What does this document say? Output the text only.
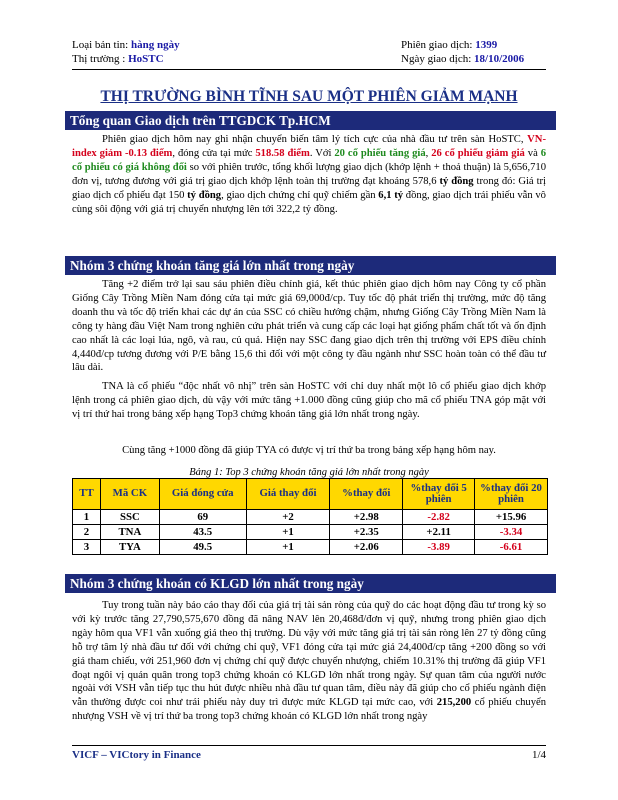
Loại bản tin: hàng ngày	Phiên giao dịch: 1399
Thị trường : HoSTC	Ngày giao dịch: 18/10/2006
THỊ TRƯỜNG BÌNH TĨNH SAU MỘT PHIÊN GIẢM MẠNH
Tổng quan Giao dịch trên TTGDCK Tp.HCM

Phiên giao dịch hôm nay ghi nhận chuyển biến tâm lý tích cực của nhà đầu tư trên sàn HoSTC, VN-index giảm -0.13 điểm, đóng cửa tại mức 518.58 điểm. Với 20 cổ phiếu tăng giá, 26 cổ phiếu giảm giá và 6 cổ phiếu có giá không đổi so với phiên trước, tổng khối lượng giao dịch (khớp lệnh + thoả thuận) là 5,656,710 đơn vị, tương đương với giá trị giao dịch khớp lệnh toàn thị trường đạt khoảng 578,6 tỷ đồng trong đó: Giá trị giao dịch cổ phiếu đạt 150 tỷ đồng, giao dịch chứng chỉ quỹ chiếm gần 6,1 tỷ đồng, giao dịch trái phiếu vẫn vô cùng sôi động với giá trị chuyển nhượng lên tới 322,2 tỷ đồng.

Nhóm 3 chứng khoán tăng giá lớn nhất trong ngày

Tăng +2 điểm trở lại sau sáu phiên điều chỉnh giá, kết thúc phiên giao dịch hôm nay Công ty cổ phần Giống Cây Trồng Miền Nam đóng cửa tại mức giá 69,000đ/cp. Tuy tốc độ phát triển thị trường, mức độ tăng doanh thu và tốc độ triển khai các dự án của SSC có chiều hướng chậm, nhưng Giống Cây Trồng Miền Nam là công ty hàng đầu Việt Nam trong nghiên cứu phát triển và cung cấp các loại hạt giống phẩm chất tốt và ổn định cao nhất là các loại lúa, ngô, và rau, củ quả. Hiện nay SSC đang giao dịch trên thị trường với EPS điều chỉnh 4,440đ/cp tương đương với P/E bằng 15,6 thì đối với một công ty đầu ngành như SSC hoàn toàn có thể đầu tư lâu dài.

TNA là cổ phiếu “độc nhất vô nhị” trên sàn HoSTC với chỉ duy nhất một lô cổ phiếu giao dịch khớp lệnh trong cả phiên giao dịch, dù vậy với mức tăng +1.000 đồng cũng giúp cho mã cổ phiếu TNA góp mặt với vị trí thứ hai trong bảng xếp hạng Top3 chứng khoán tăng giá lớn nhất trong ngày.

Cùng tăng +1000 đồng đã giúp TYA có được vị trí thứ ba trong bảng xếp hạng hôm nay.

Bảng 1: Top 3 chứng khoán tăng giá lớn nhất trong ngày
TT	Mã CK	Giá đóng cửa	Giá thay đổi	%thay đổi	%thay đổi 5 phiên	%thay đổi 20 phiên
1	SSC	69	+2	+2.98	-2.82	+15.96
2	TNA	43.5	+1	+2.35	+2.11	-3.34
3	TYA	49.5	+1	+2.06	-3.89	-6.61
Nhóm 3 chứng khoán có KLGD lớn nhất trong ngày

Tuy trong tuần này báo cáo thay đổi của giá trị tài sản ròng của quỹ do các hoạt động đầu tư trong kỳ so với kỳ trước tăng 27,790,575,670 đồng đã nâng NAV lên 20,468đ/đơn vị quỹ, nhưng trong phiên giao dịch ngày hôm qua VF1 vẫn xuống giá theo thị trường. Dù vậy với mức tăng giá trị tài sản ròng lên 27 tỷ đồng cũng hỗ trợ tâm lý nhà đầu tư đối với chứng chỉ quỹ, VF1 đóng cửa tại mức giá 24,400đ/cp tăng +200 đồng so với giá tham chiếu, với 251,960 đơn vị chứng chỉ quỹ được chuyển nhượng, chiếm 10.31% thị trường đã giúp VF1 đoạt ngôi vị quán quân trong top3 chứng khoán có KLGD lớn nhất trong ngày. Sự quan tâm của người nước ngoài với VSH vẫn tiếp tục thu hút được nhiều nhà đầu tư quan tâm, điều này đã giúp cho cổ phiếu ngành điện vẫn thường được coi như trái phiếu này duy trì được mức KLGD tại mức cao, với 215,200 cổ phiếu chuyển nhượng VSH về vị trí thứ ba trong top3 chứng khoán có KLGD lớn nhất trong ngày

VICF – VICtory in Finance	1/4
